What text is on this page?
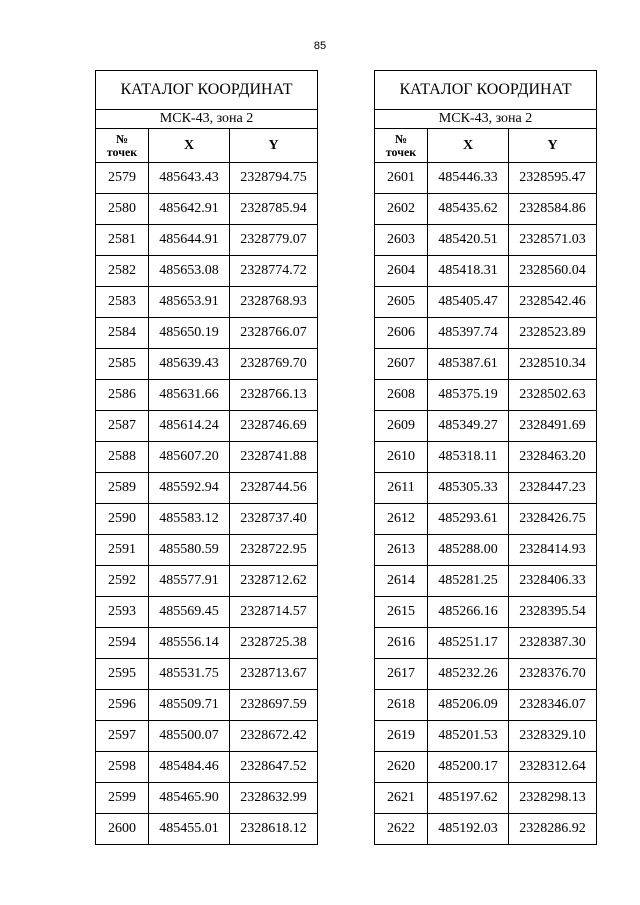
85
КАТАЛОГ КООРДИНАТ		
МСК-43, зона 2		

№
точек	X	Y
2579	485643.43	2328794.75
2580	485642.91	2328785.94
2581	485644.91	2328779.07
2582	485653.08	2328774.72
2583	485653.91	2328768.93
2584	485650.19	2328766.07
2585	485639.43	2328769.70
2586	485631.66	2328766.13
2587	485614.24	2328746.69
2588	485607.20	2328741.88
2589	485592.94	2328744.56
2590	485583.12	2328737.40
2591	485580.59	2328722.95
2592	485577.91	2328712.62
2593	485569.45	2328714.57
2594	485556.14	2328725.38
2595	485531.75	2328713.67
2596	485509.71	2328697.59
2597	485500.07	2328672.42
2598	485484.46	2328647.52
2599	485465.90	2328632.99
2600	485455.01	2328618.12
КАТАЛОГ КООРДИНАТ		
МСК-43, зона 2		

№
точек	X	Y
2601	485446.33	2328595.47
2602	485435.62	2328584.86
2603	485420.51	2328571.03
2604	485418.31	2328560.04
2605	485405.47	2328542.46
2606	485397.74	2328523.89
2607	485387.61	2328510.34
2608	485375.19	2328502.63
2609	485349.27	2328491.69
2610	485318.11	2328463.20
2611	485305.33	2328447.23
2612	485293.61	2328426.75
2613	485288.00	2328414.93
2614	485281.25	2328406.33
2615	485266.16	2328395.54
2616	485251.17	2328387.30
2617	485232.26	2328376.70
2618	485206.09	2328346.07
2619	485201.53	2328329.10
2620	485200.17	2328312.64
2621	485197.62	2328298.13
2622	485192.03	2328286.92
